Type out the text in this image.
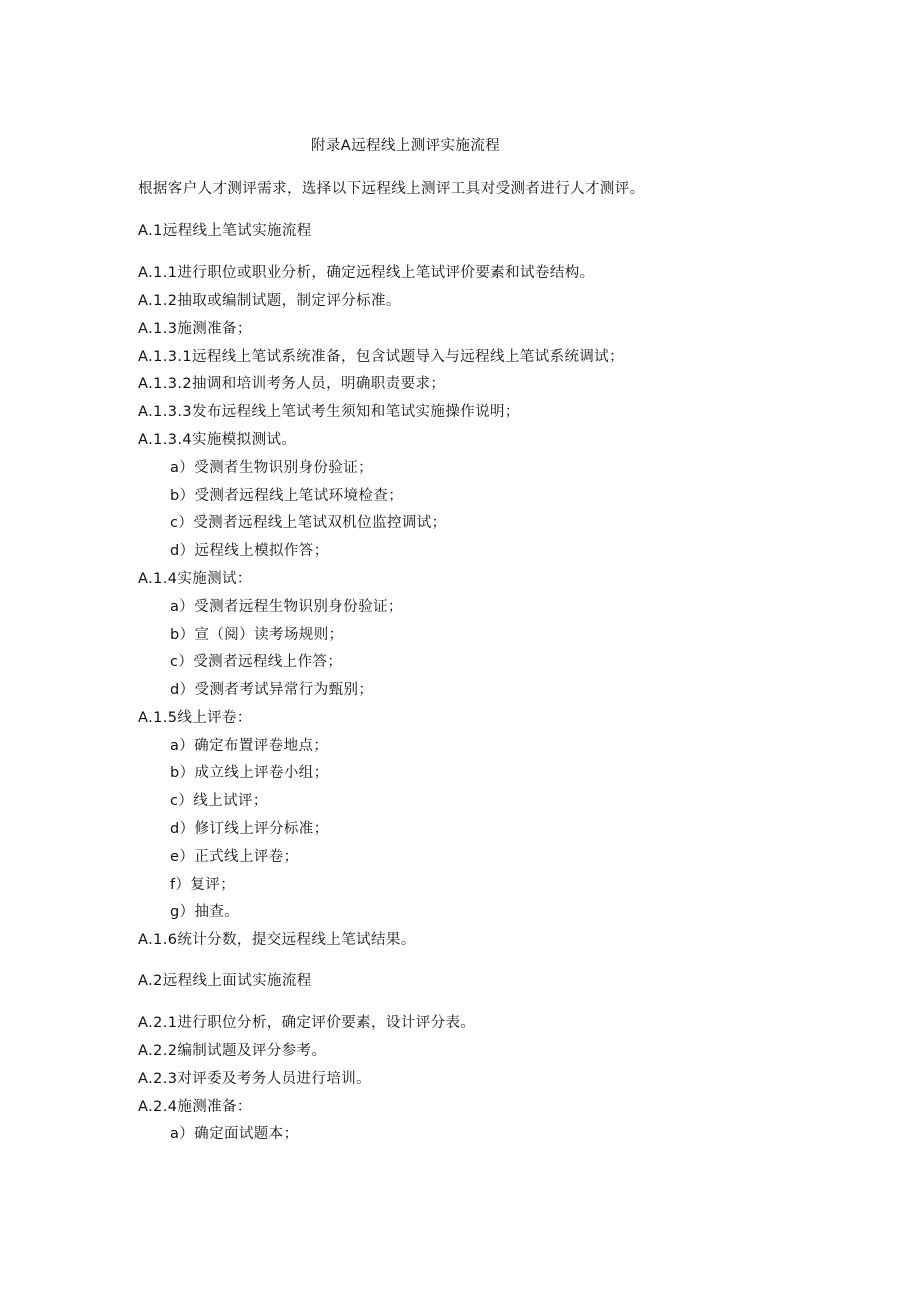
附录A远程线上测评实施流程
根据客户人才测评需求，选择以下远程线上测评工具对受测者进行人才测评。
A.1远程线上笔试实施流程
A.1.1进行职位或职业分析，确定远程线上笔试评价要素和试卷结构。
A.1.2抽取或编制试题，制定评分标准。
A.1.3施测准备；
A.1.3.1远程线上笔试系统准备，包含试题导入与远程线上笔试系统调试；
A.1.3.2抽调和培训考务人员，明确职责要求；
A.1.3.3发布远程线上笔试考生须知和笔试实施操作说明；
A.1.3.4实施模拟测试。
a）受测者生物识别身份验证；
b）受测者远程线上笔试环境检查；
c）受测者远程线上笔试双机位监控调试；
d）远程线上模拟作答；
A.1.4实施测试：
a）受测者远程生物识别身份验证；
b）宣（阅）读考场规则；
c）受测者远程线上作答；
d）受测者考试异常行为甄别；
A.1.5线上评卷：
a）确定布置评卷地点；
b）成立线上评卷小组；
c）线上试评；
d）修订线上评分标准；
e）正式线上评卷；
f）复评；
g）抽查。
A.1.6统计分数，提交远程线上笔试结果。
A.2远程线上面试实施流程
A.2.1进行职位分析，确定评价要素，设计评分表。
A.2.2编制试题及评分参考。
A.2.3对评委及考务人员进行培训。
A.2.4施测准备：
a）确定面试题本；
